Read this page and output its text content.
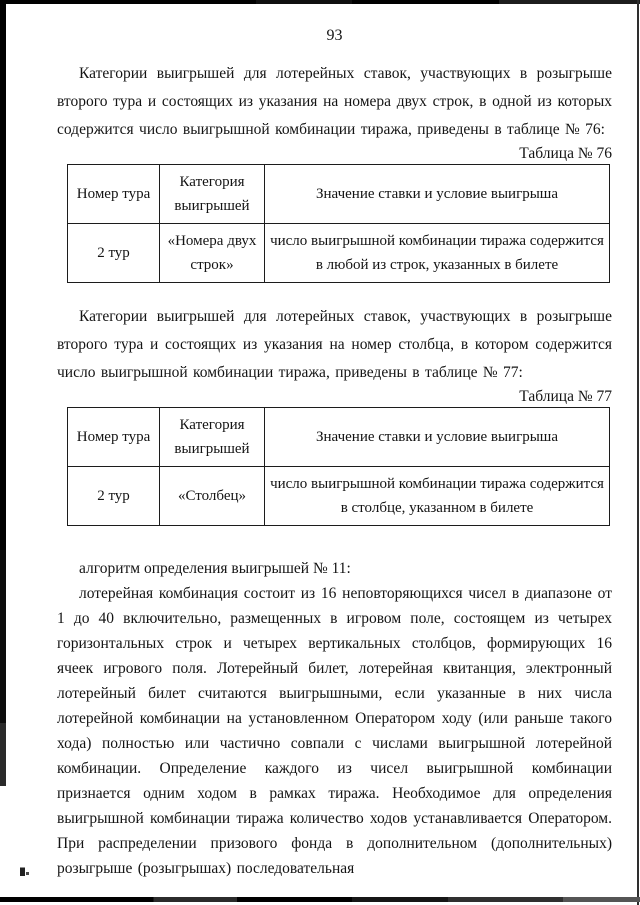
93

Категории выигрышей для лотерейных ставок, участвующих в розыгрыше второго тура и состоящих из указания на номера двух строк, в одной из которых содержится число выигрышной комбинации тиража, приведены в таблице № 76:

Таблица № 76
Номер тура	Категория выигрышей	Значение ставки и условие выигрыша
2 тур	«Номера двух строк»	число выигрышной комбинации тиража содержится в любой из строк, указанных в билете

Категории выигрышей для лотерейных ставок, участвующих в розыгрыше второго тура и состоящих из указания на номер столбца, в котором содержится число выигрышной комбинации тиража, приведены в таблице № 77:

Таблица № 77
Номер тура	Категория выигрышей	Значение ставки и условие выигрыша
2 тур	«Столбец»	число выигрышной комбинации тиража содержится в столбце, указанном в билете

алгоритм определения выигрышей № 11:

лотерейная комбинация состоит из 16 неповторяющихся чисел в диапазоне от 1 до 40 включительно, размещенных в игровом поле, состоящем из четырех горизонтальных строк и четырех вертикальных столбцов, формирующих 16 ячеек игрового поля. Лотерейный билет, лотерейная квитанция, электронный лотерейный билет считаются выигрышными, если указанные в них числа лотерейной комбинации на установленном Оператором ходу (или раньше такого хода) полностью или частично совпали с числами выигрышной лотерейной комбинации. Определение каждого из чисел выигрышной комбинации признается одним ходом в рамках тиража. Необходимое для определения выигрышной комбинации тиража количество ходов устанавливается Оператором. При распределении призового фонда в дополнительном (дополнительных) розыгрыше (розыгрышах) последовательная
